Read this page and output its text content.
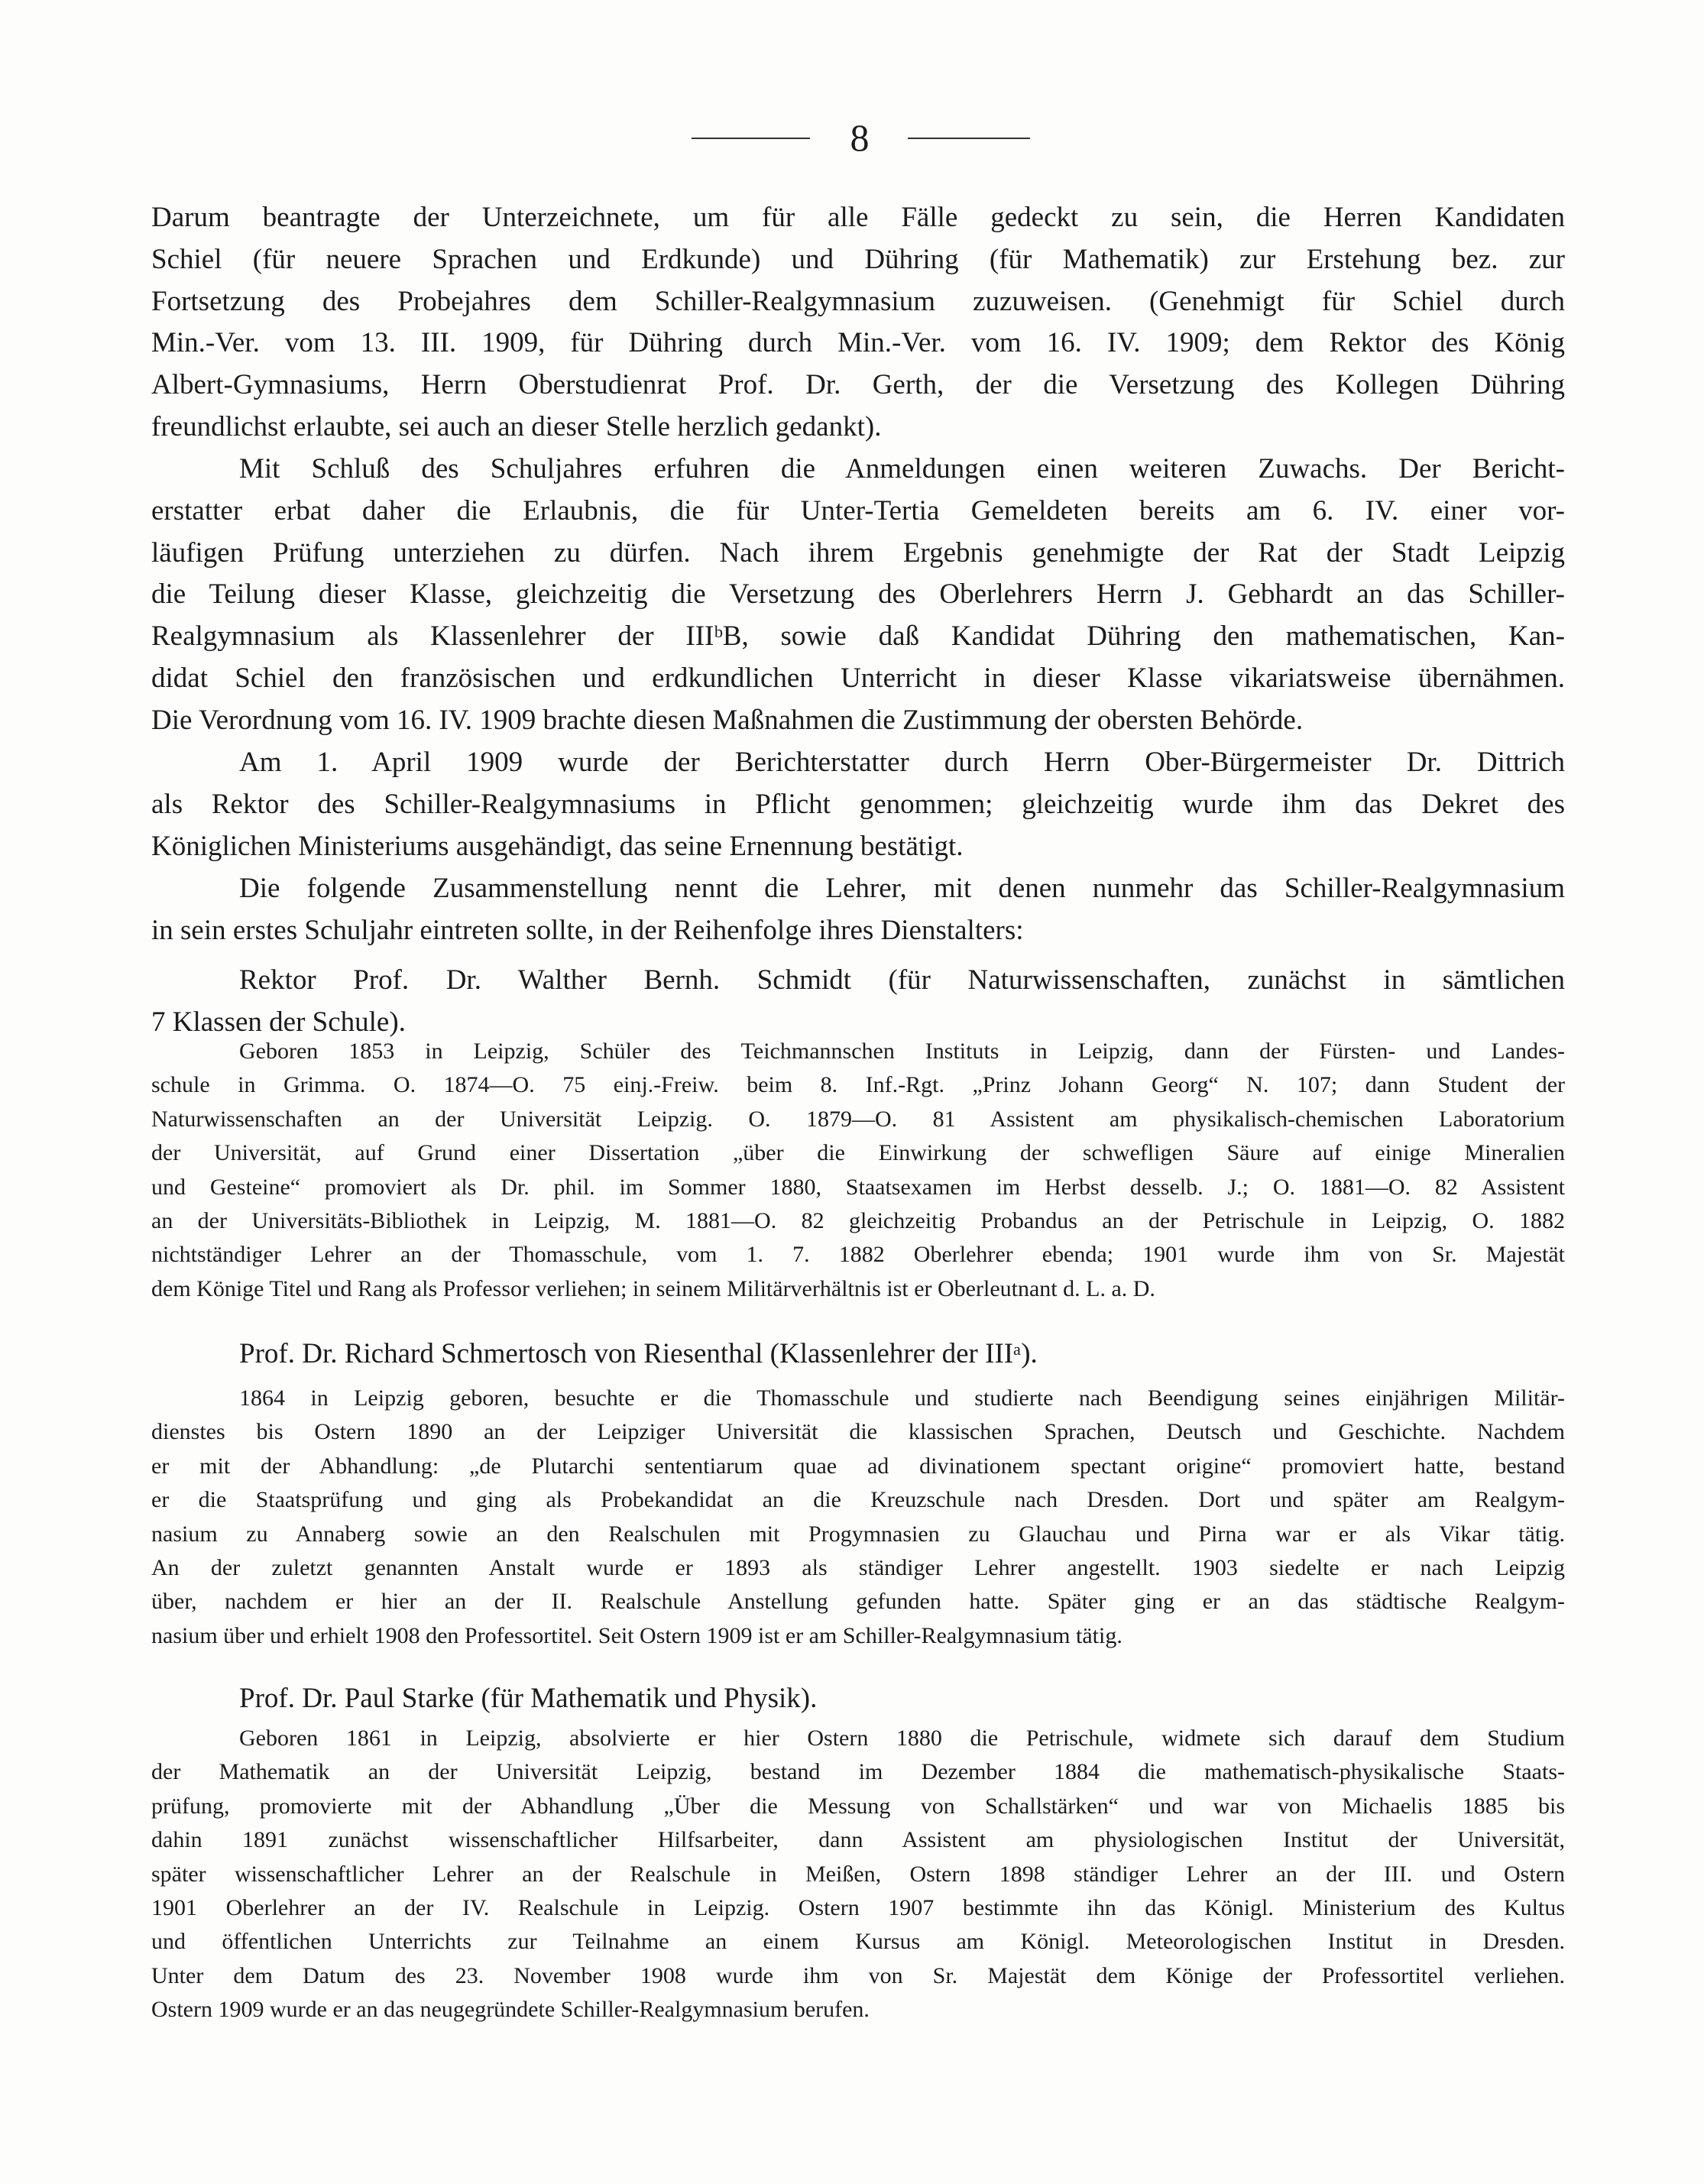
8
Darum beantragte der Unterzeichnete, um für alle Fälle gedeckt zu sein, die Herren Kandidaten
Schiel (für neuere Sprachen und Erdkunde) und Dühring (für Mathematik) zur Erstehung bez. zur
Fortsetzung des Probejahres dem Schiller-Realgymnasium zuzuweisen. (Genehmigt für Schiel durch
Min.-Ver. vom 13. III. 1909, für Dühring durch Min.-Ver. vom 16. IV. 1909; dem Rektor des König
Albert-Gymnasiums, Herrn Oberstudienrat Prof. Dr. Gerth, der die Versetzung des Kollegen Dühring
freundlichst erlaubte, sei auch an dieser Stelle herzlich gedankt).
Mit Schluß des Schuljahres erfuhren die Anmeldungen einen weiteren Zuwachs. Der Bericht-
erstatter erbat daher die Erlaubnis, die für Unter-Tertia Gemeldeten bereits am 6. IV. einer vor-
läufigen Prüfung unterziehen zu dürfen. Nach ihrem Ergebnis genehmigte der Rat der Stadt Leipzig
die Teilung dieser Klasse, gleichzeitig die Versetzung des Oberlehrers Herrn J. Gebhardt an das Schiller-
Realgymnasium als Klassenlehrer der IIIᵇB, sowie daß Kandidat Dühring den mathematischen, Kan-
didat Schiel den französischen und erdkundlichen Unterricht in dieser Klasse vikariatsweise übernähmen.
Die Verordnung vom 16. IV. 1909 brachte diesen Maßnahmen die Zustimmung der obersten Behörde.
Am 1. April 1909 wurde der Berichterstatter durch Herrn Ober-Bürgermeister Dr. Dittrich
als Rektor des Schiller-Realgymnasiums in Pflicht genommen; gleichzeitig wurde ihm das Dekret des
Königlichen Ministeriums ausgehändigt, das seine Ernennung bestätigt.
Die folgende Zusammenstellung nennt die Lehrer, mit denen nunmehr das Schiller-Realgymnasium
in sein erstes Schuljahr eintreten sollte, in der Reihenfolge ihres Dienstalters:
Rektor Prof. Dr. Walther Bernh. Schmidt (für Naturwissenschaften, zunächst in sämtlichen
7 Klassen der Schule).
Geboren 1853 in Leipzig, Schüler des Teichmannschen Instituts in Leipzig, dann der Fürsten- und Landes-
schule in Grimma. O. 1874—O. 75 einj.-Freiw. beim 8. Inf.-Rgt. „Prinz Johann Georg“ N. 107; dann Student der
Naturwissenschaften an der Universität Leipzig. O. 1879—O. 81 Assistent am physikalisch-chemischen Laboratorium
der Universität, auf Grund einer Dissertation „über die Einwirkung der schwefligen Säure auf einige Mineralien
und Gesteine“ promoviert als Dr. phil. im Sommer 1880, Staatsexamen im Herbst desselb. J.; O. 1881—O. 82 Assistent
an der Universitäts-Bibliothek in Leipzig, M. 1881—O. 82 gleichzeitig Probandus an der Petrischule in Leipzig, O. 1882
nichtständiger Lehrer an der Thomasschule, vom 1. 7. 1882 Oberlehrer ebenda; 1901 wurde ihm von Sr. Majestät
dem Könige Titel und Rang als Professor verliehen; in seinem Militärverhältnis ist er Oberleutnant d. L. a. D.
Prof. Dr. Richard Schmertosch von Riesenthal (Klassenlehrer der IIIᵃ).
1864 in Leipzig geboren, besuchte er die Thomasschule und studierte nach Beendigung seines einjährigen Militär-
dienstes bis Ostern 1890 an der Leipziger Universität die klassischen Sprachen, Deutsch und Geschichte. Nachdem
er mit der Abhandlung: „de Plutarchi sententiarum quae ad divinationem spectant origine“ promoviert hatte, bestand
er die Staatsprüfung und ging als Probekandidat an die Kreuzschule nach Dresden. Dort und später am Realgym-
nasium zu Annaberg sowie an den Realschulen mit Progymnasien zu Glauchau und Pirna war er als Vikar tätig.
An der zuletzt genannten Anstalt wurde er 1893 als ständiger Lehrer angestellt. 1903 siedelte er nach Leipzig
über, nachdem er hier an der II. Realschule Anstellung gefunden hatte. Später ging er an das städtische Realgym-
nasium über und erhielt 1908 den Professortitel. Seit Ostern 1909 ist er am Schiller-Realgymnasium tätig.
Prof. Dr. Paul Starke (für Mathematik und Physik).
Geboren 1861 in Leipzig, absolvierte er hier Ostern 1880 die Petrischule, widmete sich darauf dem Studium
der Mathematik an der Universität Leipzig, bestand im Dezember 1884 die mathematisch-physikalische Staats-
prüfung, promovierte mit der Abhandlung „Über die Messung von Schallstärken“ und war von Michaelis 1885 bis
dahin 1891 zunächst wissenschaftlicher Hilfsarbeiter, dann Assistent am physiologischen Institut der Universität,
später wissenschaftlicher Lehrer an der Realschule in Meißen, Ostern 1898 ständiger Lehrer an der III. und Ostern
1901 Oberlehrer an der IV. Realschule in Leipzig. Ostern 1907 bestimmte ihn das Königl. Ministerium des Kultus
und öffentlichen Unterrichts zur Teilnahme an einem Kursus am Königl. Meteorologischen Institut in Dresden.
Unter dem Datum des 23. November 1908 wurde ihm von Sr. Majestät dem Könige der Professortitel verliehen.
Ostern 1909 wurde er an das neugegründete Schiller-Realgymnasium berufen.
